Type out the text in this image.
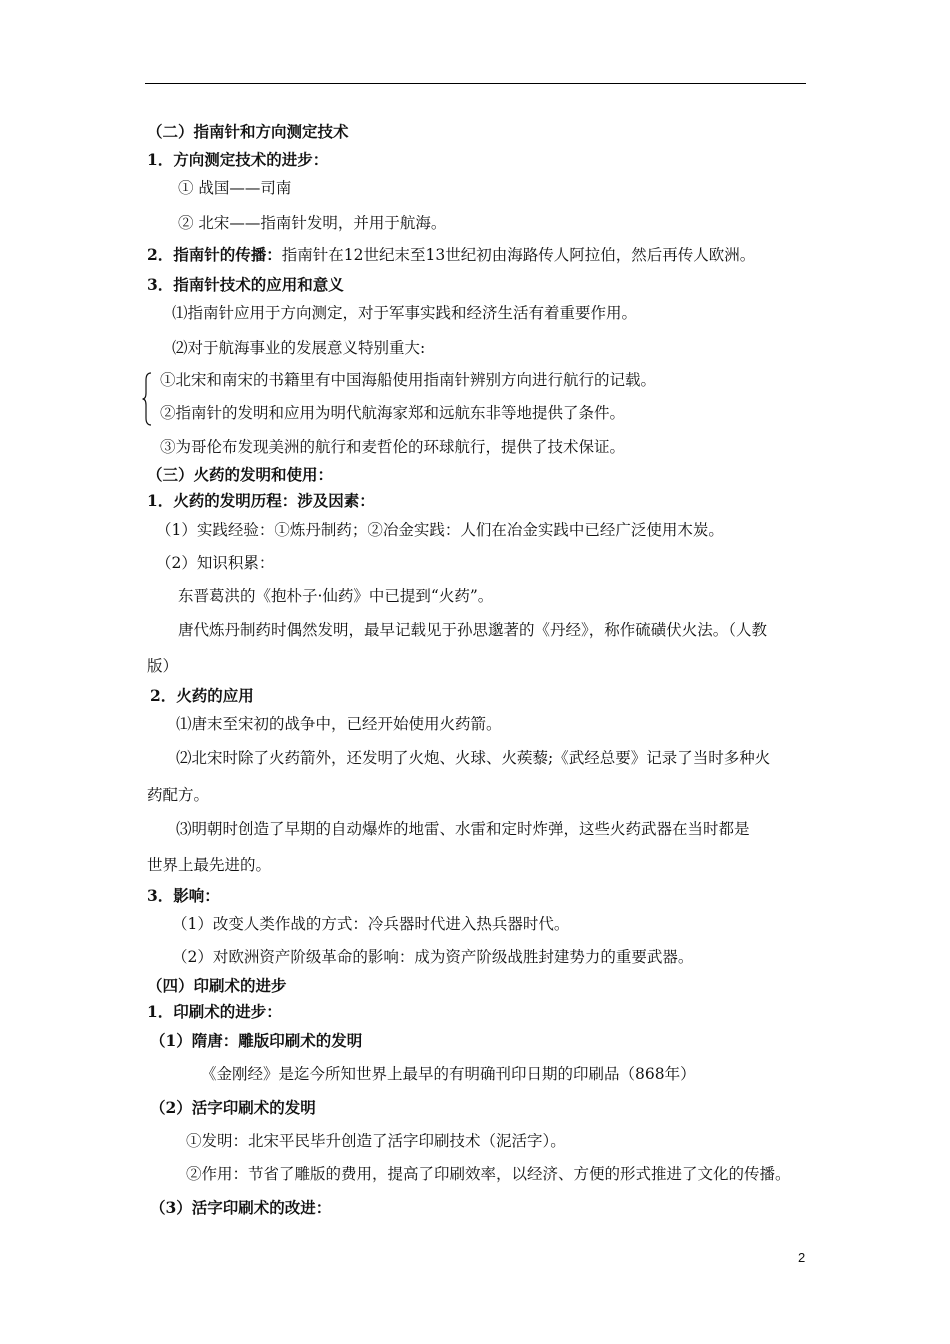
（二）指南针和方向测定技术
1．方向测定技术的进步：
① 战国——司南
② 北宋——指南针发明，并用于航海。
2．指南针的传播：指南针在12世纪末至13世纪初由海路传人阿拉伯，然后再传人欧洲。
3．指南针技术的应用和意义
⑴指南针应用于方向测定，对于军事实践和经济生活有着重要作用。
⑵对于航海事业的发展意义特别重大:
①北宋和南宋的书籍里有中国海船使用指南针辨别方向进行航行的记载。
②指南针的发明和应用为明代航海家郑和远航东非等地提供了条件。
③为哥伦布发现美洲的航行和麦哲伦的环球航行，提供了技术保证。
（三）火药的发明和使用：
1．火药的发明历程：涉及因素：
（1）实践经验：①炼丹制药；②冶金实践：人们在冶金实践中已经广泛使用木炭。
（2）知识积累：
东晋葛洪的《抱朴子·仙药》中已提到“火药”。
唐代炼丹制药时偶然发明，最早记载见于孙思邈著的《丹经》，称作硫磺伏火法。（人教
版）
2．火药的应用
⑴唐末至宋初的战争中，已经开始使用火药箭。
⑵北宋时除了火药箭外，还发明了火炮、火球、火蒺藜;《武经总要》记录了当时多种火
药配方。
⑶明朝时创造了早期的自动爆炸的地雷、水雷和定时炸弹，这些火药武器在当时都是
世界上最先进的。
3．影响：
（1）改变人类作战的方式：冷兵器时代进入热兵器时代。
（2）对欧洲资产阶级革命的影响：成为资产阶级战胜封建势力的重要武器。
（四）印刷术的进步
1．印刷术的进步：
（1）隋唐：雕版印刷术的发明
《金刚经》是迄今所知世界上最早的有明确刊印日期的印刷品（868年）
（2）活字印刷术的发明
①发明：北宋平民毕升创造了活字印刷技术（泥活字）。
②作用：节省了雕版的费用，提高了印刷效率，以经济、方便的形式推进了文化的传播。
（3）活字印刷术的改进：
2
